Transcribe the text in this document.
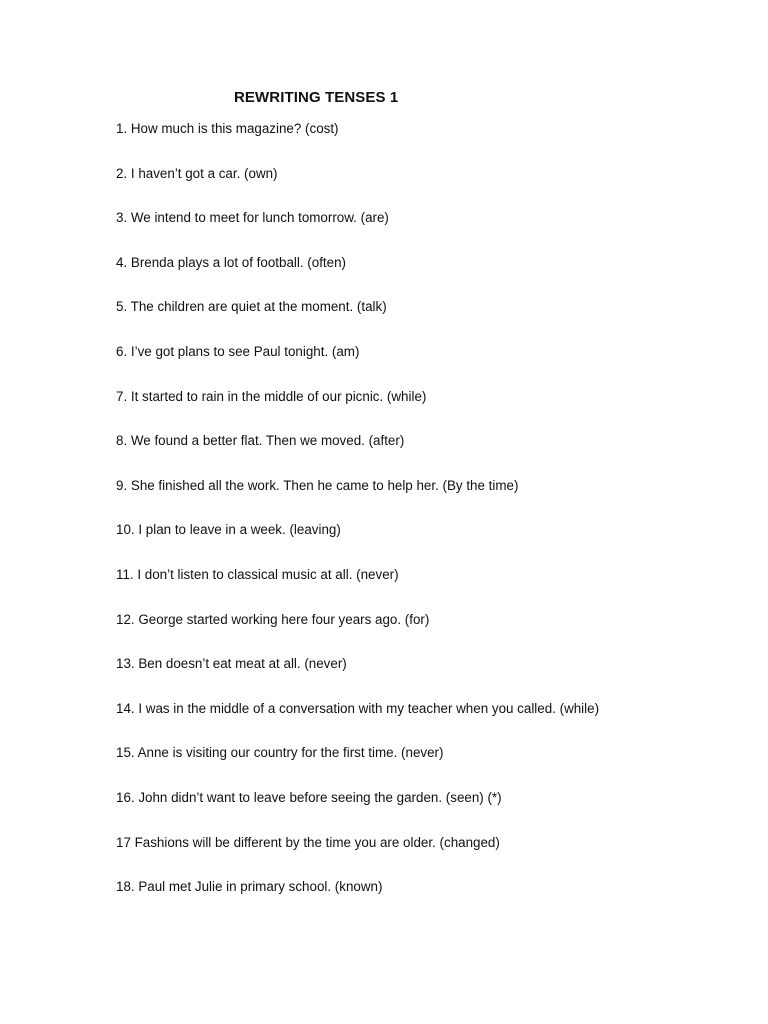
REWRITING TENSES 1
1. How much is this magazine? (cost)
2. I haven’t got a car. (own)
3. We intend to meet for lunch tomorrow. (are)
4. Brenda plays a lot of football. (often)
5. The children are quiet at the moment. (talk)
6. I’ve got plans to see Paul tonight. (am)
7. It started to rain in the middle of our picnic. (while)
8. We found a better flat. Then we moved. (after)
9. She finished all the work. Then he came to help her. (By the time)
10. I plan to leave in a week. (leaving)
11. I don’t listen to classical music at all. (never)
12. George started working here four years ago. (for)
13. Ben doesn’t eat meat at all. (never)
14. I was in the middle of a conversation with my teacher when you called. (while)
15. Anne is visiting our country for the first time. (never)
16. John didn’t want to leave before seeing the garden. (seen) (*)
17 Fashions will be different by the time you are older. (changed)
18. Paul met Julie in primary school. (known)
